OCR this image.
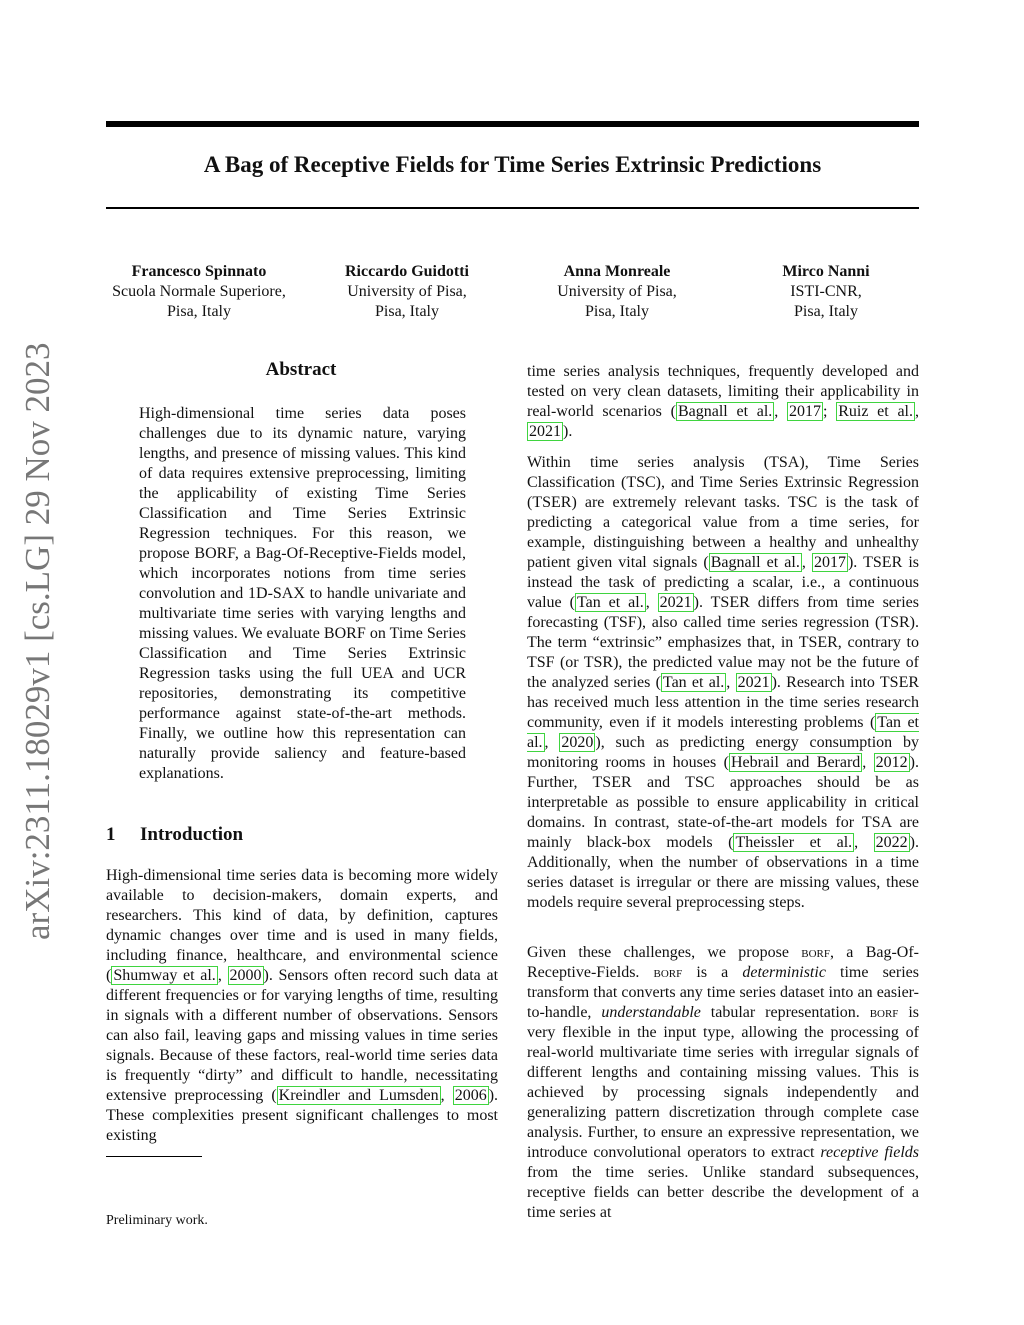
arXiv:2311.18029v1 [cs.LG] 29 Nov 2023
A Bag of Receptive Fields for Time Series Extrinsic Predictions
Francesco Spinnato
Scuola Normale Superiore,
Pisa, Italy
Riccardo Guidotti
University of Pisa,
Pisa, Italy
Anna Monreale
University of Pisa,
Pisa, Italy
Mirco Nanni
ISTI-CNR,
Pisa, Italy
Abstract
High-dimensional time series data poses challenges due to its dynamic nature, varying lengths, and presence of missing values. This kind of data requires extensive preprocessing, limiting the applicability of existing Time Series Classification and Time Series Extrinsic Regression techniques. For this reason, we propose BORF, a Bag-Of-Receptive-Fields model, which incorporates notions from time series convolution and 1D-SAX to handle univariate and multivariate time series with varying lengths and missing values. We evaluate BORF on Time Series Classification and Time Series Extrinsic Regression tasks using the full UEA and UCR repositories, demonstrating its competitive performance against state-of-the-art methods. Finally, we outline how this representation can naturally provide saliency and feature-based explanations.
1 Introduction
High-dimensional time series data is becoming more widely available to decision-makers, domain experts, and researchers. This kind of data, by definition, captures dynamic changes over time and is used in many fields, including finance, healthcare, and environmental science ( Shumway et al. , 2000 ). Sensors often record such data at different frequencies or for varying lengths of time, resulting in signals with a different number of observations. Sensors can also fail, leaving gaps and missing values in time series signals. Because of these factors, real-world time series data is frequently “dirty” and difficult to handle, necessitating extensive preprocessing ( Kreindler and Lumsden , 2006 ). These complexities present significant challenges to most existing
time series analysis techniques, frequently developed and tested on very clean datasets, limiting their applicability in real-world scenarios ( Bagnall et al. , 2017 ; Ruiz et al. , 2021 ).
Within time series analysis (TSA), Time Series Classification (TSC), and Time Series Extrinsic Regression (TSER) are extremely relevant tasks. TSC is the task of predicting a categorical value from a time series, for example, distinguishing between a healthy and unhealthy patient given vital signals ( Bagnall et al. , 2017 ). TSER is instead the task of predicting a scalar, i.e., a continuous value ( Tan et al. , 2021 ). TSER differs from time series forecasting (TSF), also called time series regression (TSR). The term “extrinsic” emphasizes that, in TSER, contrary to TSF (or TSR), the predicted value may not be the future of the analyzed series ( Tan et al. , 2021 ). Research into TSER has received much less attention in the time series research community, even if it models interesting problems ( Tan et al. , 2020 ), such as predicting energy consumption by monitoring rooms in houses ( Hebrail and Berard , 2012 ). Further, TSER and TSC approaches should be as interpretable as possible to ensure applicability in critical domains. In contrast, state-of-the-art models for TSA are mainly black-box models ( Theissler et al. , 2022 ). Additionally, when the number of observations in a time series dataset is irregular or there are missing values, these models require several preprocessing steps.
Given these challenges, we propose borf, a Bag-Of-Receptive-Fields. borf is a deterministic time series transform that converts any time series dataset into an easier-to-handle, understandable tabular representation. borf is very flexible in the input type, allowing the processing of real-world multivariate time series with irregular signals of different lengths and containing missing values. This is achieved by processing signals independently and generalizing pattern discretization through complete case analysis. Further, to ensure an expressive representation, we introduce convolutional operators to extract receptive fields from the time series. Unlike standard subsequences, receptive fields can better describe the development of a time series at
Preliminary work.
